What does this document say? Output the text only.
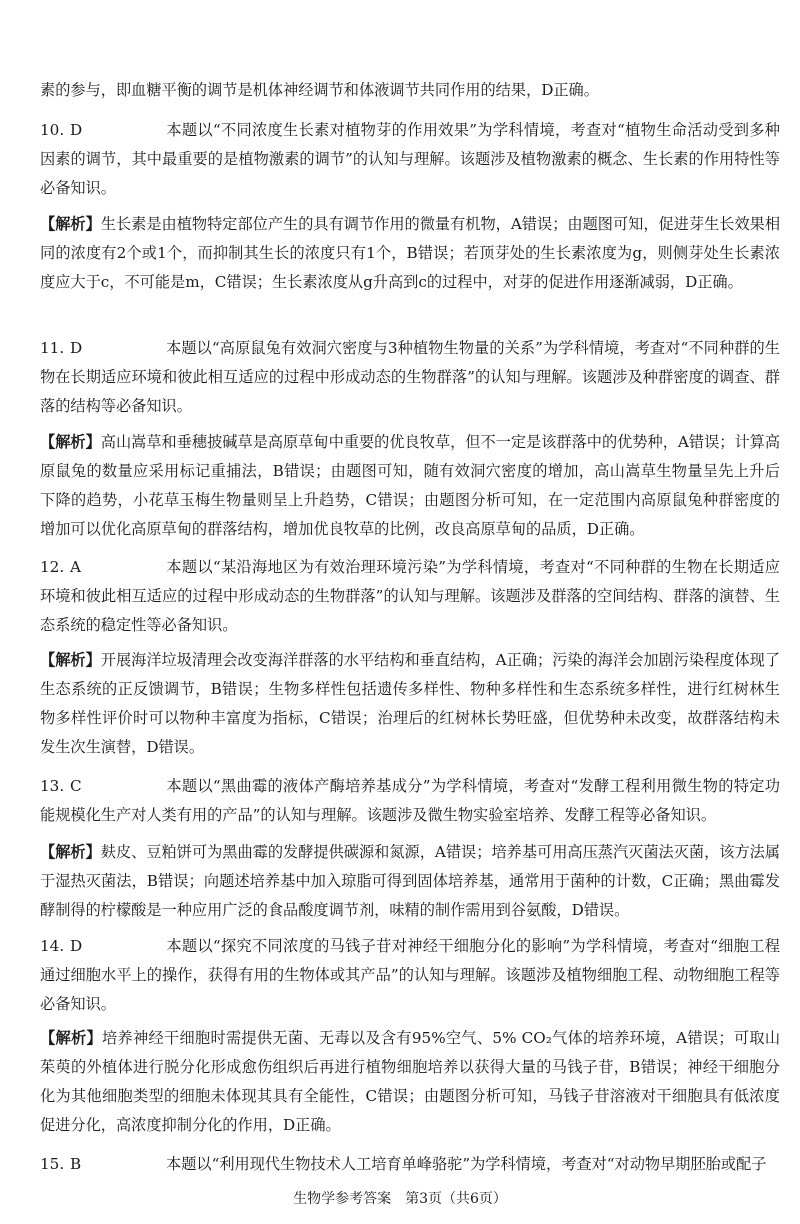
素的参与，即血糖平衡的调节是机体神经调节和体液调节共同作用的结果，D正确。

10. D	本题以“不同浓度生长素对植物芽的作用效果”为学科情境，考查对“植物生命活动受到多种因素的调节，其中最重要的是植物激素的调节”的认知与理解。该题涉及植物激素的概念、生长素的作用特性等必备知识。

【解析】生长素是由植物特定部位产生的具有调节作用的微量有机物，A错误；由题图可知，促进芽生长效果相同的浓度有2个或1个，而抑制其生长的浓度只有1个，B错误；若顶芽处的生长素浓度为g，则侧芽处生长素浓度应大于c，不可能是m，C错误；生长素浓度从g升高到c的过程中，对芽的促进作用逐渐减弱，D正确。

11. D	本题以“高原鼠兔有效洞穴密度与3种植物生物量的关系”为学科情境，考查对“不同种群的生物在长期适应环境和彼此相互适应的过程中形成动态的生物群落”的认知与理解。该题涉及种群密度的调查、群落的结构等必备知识。

【解析】高山嵩草和垂穗披碱草是高原草甸中重要的优良牧草，但不一定是该群落中的优势种，A错误；计算高原鼠兔的数量应采用标记重捕法，B错误；由题图可知，随有效洞穴密度的增加，高山嵩草生物量呈先上升后下降的趋势，小花草玉梅生物量则呈上升趋势，C错误；由题图分析可知，在一定范围内高原鼠兔种群密度的增加可以优化高原草甸的群落结构，增加优良牧草的比例，改良高原草甸的品质，D正确。

12. A	本题以“某沿海地区为有效治理环境污染”为学科情境，考查对“不同种群的生物在长期适应环境和彼此相互适应的过程中形成动态的生物群落”的认知与理解。该题涉及群落的空间结构、群落的演替、生态系统的稳定性等必备知识。

【解析】开展海洋垃圾清理会改变海洋群落的水平结构和垂直结构，A正确；污染的海洋会加剧污染程度体现了生态系统的正反馈调节，B错误；生物多样性包括遗传多样性、物种多样性和生态系统多样性，进行红树林生物多样性评价时可以物种丰富度为指标，C错误；治理后的红树林长势旺盛，但优势种未改变，故群落结构未发生次生演替，D错误。

13. C	本题以“黑曲霉的液体产酶培养基成分”为学科情境，考查对“发酵工程利用微生物的特定功能规模化生产对人类有用的产品”的认知与理解。该题涉及微生物实验室培养、发酵工程等必备知识。

【解析】麸皮、豆粕饼可为黑曲霉的发酵提供碳源和氮源，A错误；培养基可用高压蒸汽灭菌法灭菌，该方法属于湿热灭菌法，B错误；向题述培养基中加入琼脂可得到固体培养基，通常用于菌种的计数，C正确；黑曲霉发酵制得的柠檬酸是一种应用广泛的食品酸度调节剂，味精的制作需用到谷氨酸，D错误。

14. D	本题以“探究不同浓度的马钱子苷对神经干细胞分化的影响”为学科情境，考查对“细胞工程通过细胞水平上的操作，获得有用的生物体或其产品”的认知与理解。该题涉及植物细胞工程、动物细胞工程等必备知识。

【解析】培养神经干细胞时需提供无菌、无毒以及含有95%空气、5% CO₂气体的培养环境，A错误；可取山茱萸的外植体进行脱分化形成愈伤组织后再进行植物细胞培养以获得大量的马钱子苷，B错误；神经干细胞分化为其他细胞类型的细胞未体现其具有全能性，C错误；由题图分析可知，马钱子苷溶液对干细胞具有低浓度促进分化，高浓度抑制分化的作用，D正确。

15. B	本题以“利用现代生物技术人工培育单峰骆驼”为学科情境，考查对“对动物早期胚胎或配子

生物学参考答案　第3页（共6页）
